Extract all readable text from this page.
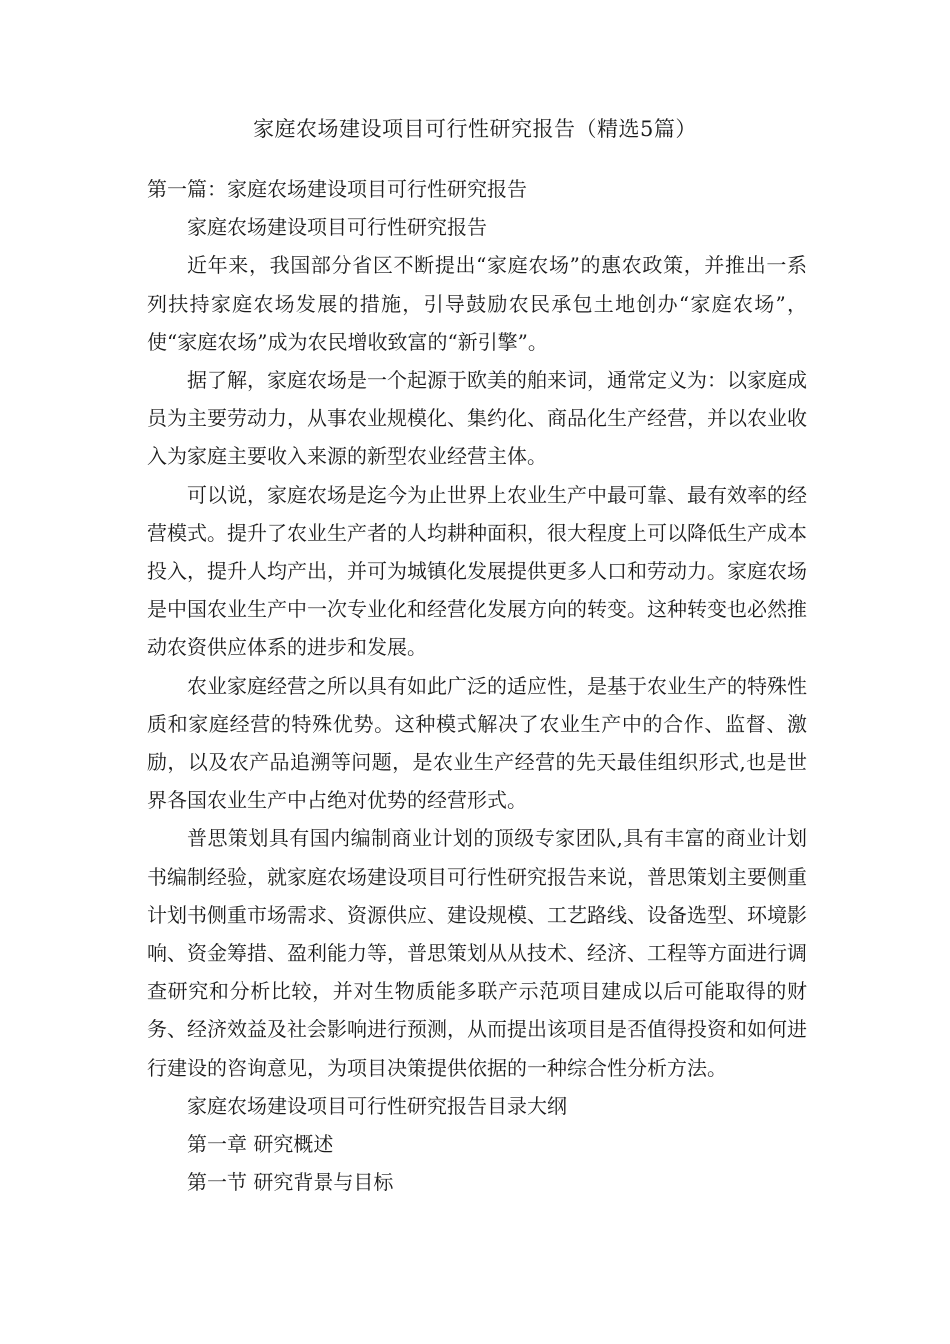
家庭农场建设项目可行性研究报告（精选5篇）

第一篇：家庭农场建设项目可行性研究报告

家庭农场建设项目可行性研究报告

近年来，我国部分省区不断提出“家庭农场”的惠农政策，并推出一系列扶持家庭农场发展的措施，引导鼓励农民承包土地创办“家庭农场”，使“家庭农场”成为农民增收致富的“新引擎”。

据了解，家庭农场是一个起源于欧美的舶来词，通常定义为：以家庭成员为主要劳动力，从事农业规模化、集约化、商品化生产经营，并以农业收入为家庭主要收入来源的新型农业经营主体。

可以说，家庭农场是迄今为止世界上农业生产中最可靠、最有效率的经营模式。提升了农业生产者的人均耕种面积，很大程度上可以降低生产成本投入，提升人均产出，并可为城镇化发展提供更多人口和劳动力。家庭农场是中国农业生产中一次专业化和经营化发展方向的转变。这种转变也必然推动农资供应体系的进步和发展。

农业家庭经营之所以具有如此广泛的适应性，是基于农业生产的特殊性质和家庭经营的特殊优势。这种模式解决了农业生产中的合作、监督、激励，以及农产品追溯等问题，是农业生产经营的先天最佳组织形式,也是世界各国农业生产中占绝对优势的经营形式。

普思策划具有国内编制商业计划的顶级专家团队,具有丰富的商业计划书编制经验，就家庭农场建设项目可行性研究报告来说，普思策划主要侧重计划书侧重市场需求、资源供应、建设规模、工艺路线、设备选型、环境影响、资金筹措、盈利能力等，普思策划从从技术、经济、工程等方面进行调查研究和分析比较，并对生物质能多联产示范项目建成以后可能取得的财务、经济效益及社会影响进行预测，从而提出该项目是否值得投资和如何进行建设的咨询意见，为项目决策提供依据的一种综合性分析方法。

家庭农场建设项目可行性研究报告目录大纲

第一章 研究概述

第一节 研究背景与目标
